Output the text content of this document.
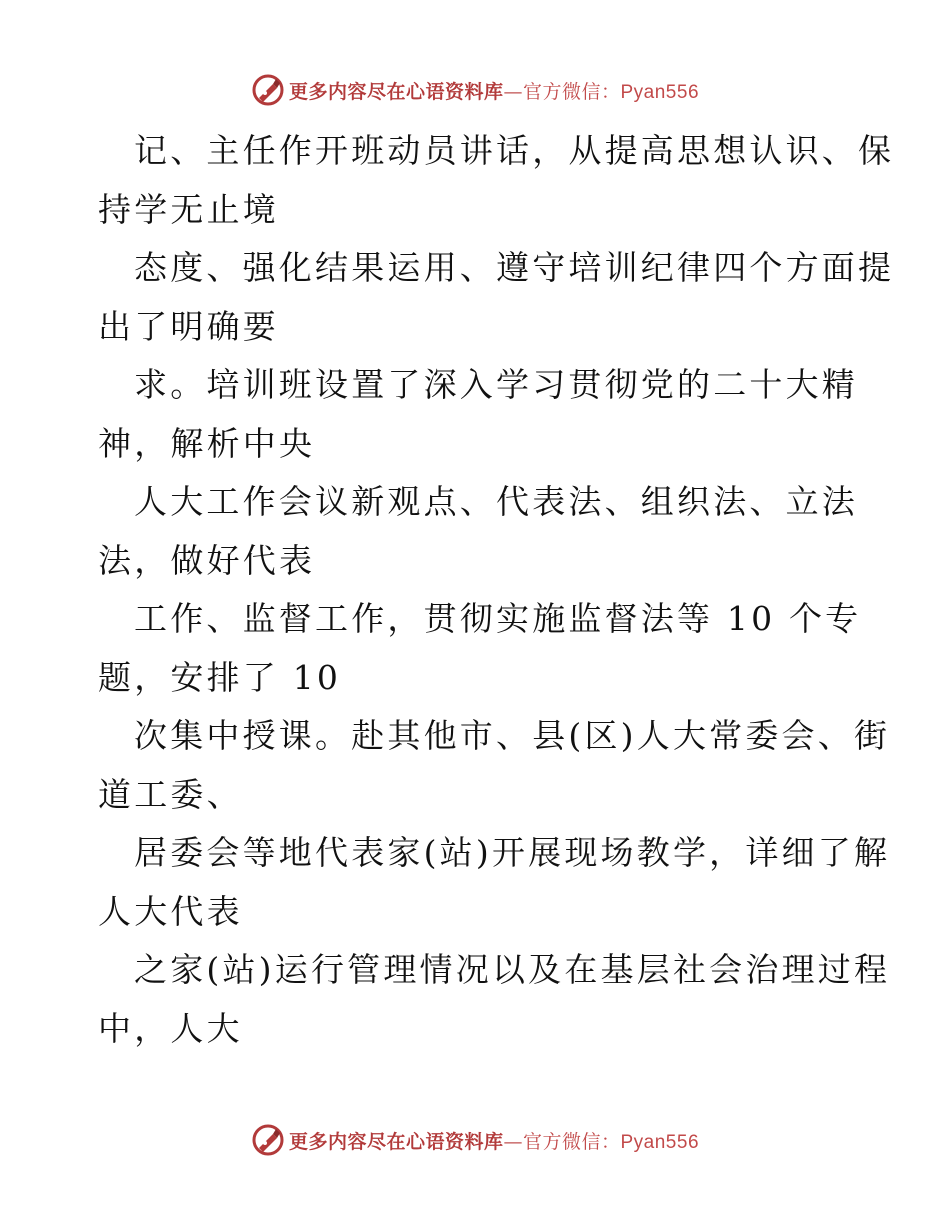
更多内容尽在心语资料库—官方微信：Pyan556
记、主任作开班动员讲话，从提高思想认识、保
持学无止境
态度、强化结果运用、遵守培训纪律四个方面提
出了明确要
求。培训班设置了深入学习贯彻党的二十大精
神，解析中央
人大工作会议新观点、代表法、组织法、立法
法，做好代表
工作、监督工作，贯彻实施监督法等 10 个专
题，安排了 10
次集中授课。赴其他市、县(区)人大常委会、街
道工委、
居委会等地代表家(站)开展现场教学，详细了解
人大代表
之家(站)运行管理情况以及在基层社会治理过程
中，人大
更多内容尽在心语资料库—官方微信：Pyan556
